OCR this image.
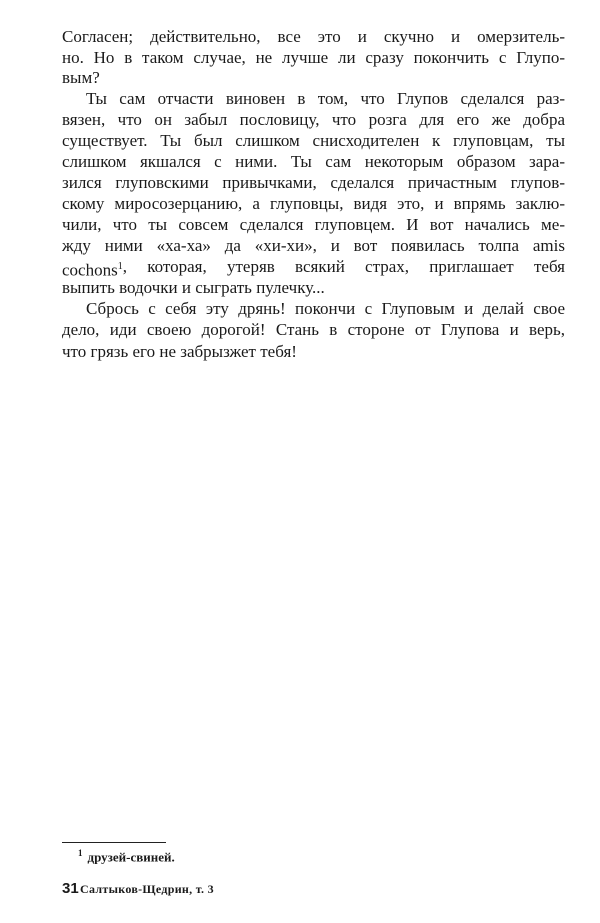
Согласен; действительно, все это и скучно и омерзитель-
но. Но в таком случае, не лучше ли сразу покончить с Глупо-
вым?
Ты сам отчасти виновен в том, что Глупов сделался раз-
вязен, что он забыл пословицу, что розга для его же добра
существует. Ты был слишком снисходителен к глуповцам, ты
слишком якшался с ними. Ты сам некоторым образом зара-
зился глуповскими привычками, сделался причастным глупов-
скому миросозерцанию, а глуповцы, видя это, и впрямь заклю-
чили, что ты совсем сделался глуповцем. И вот начались ме-
жду ними «ха-ха» да «хи-хи», и вот появилась толпа amis
cochons$^1$ , которая, утеряв всякий страх, приглашает тебя
выпить водочки и сыграть пулечку...
Сбрось с себя эту дрянь! покончи с Глуповым и делай свое
дело, иди своею дорогой! Стань в стороне от Глупова и верь,
что грязь его не забрызжет тебя!
$^1$ друзей-свиней.
31 Салтыков-Щедрин, т. 3
